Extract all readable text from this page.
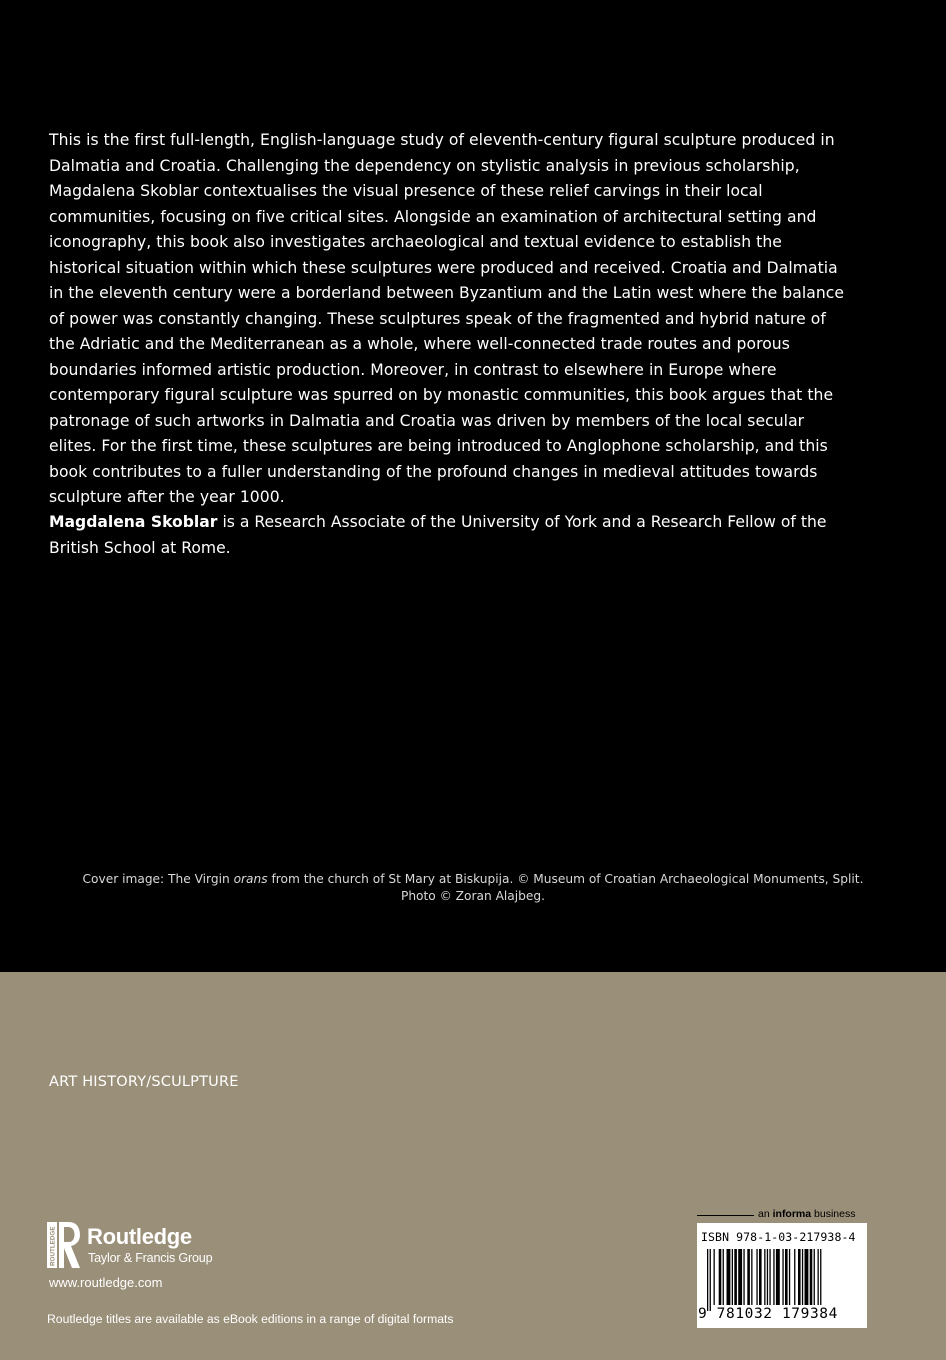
This is the first full-length, English-language study of eleventh-century figural sculpture produced in Dalmatia and Croatia. Challenging the dependency on stylistic analysis in previous scholarship, Magdalena Skoblar contextualises the visual presence of these relief carvings in their local communities, focusing on five critical sites. Alongside an examination of architectural setting and iconography, this book also investigates archaeological and textual evidence to establish the historical situation within which these sculptures were produced and received. Croatia and Dalmatia in the eleventh century were a borderland between Byzantium and the Latin west where the balance of power was constantly changing. These sculptures speak of the fragmented and hybrid nature of the Adriatic and the Mediterranean as a whole, where well-connected trade routes and porous boundaries informed artistic production. Moreover, in contrast to elsewhere in Europe where contemporary figural sculpture was spurred on by monastic communities, this book argues that the patronage of such artworks in Dalmatia and Croatia was driven by members of the local secular elites. For the first time, these sculptures are being introduced to Anglophone scholarship, and this book contributes to a fuller understanding of the profound changes in medieval attitudes towards sculpture after the year 1000.

Magdalena Skoblar is a Research Associate of the University of York and a Research Fellow of the British School at Rome.

Cover image: The Virgin orans from the church of St Mary at Biskupija. © Museum of Croatian Archaeological Monuments, Split.
Photo © Zoran Alajbeg.
ART HISTORY/SCULPTURE
ROUTLEDGE Routledge
Taylor & Francis Group
www.routledge.com
Routledge titles are available as eBook editions in a range of digital formats
an informa business
ISBN 978-1-03-217938-4
9 781032 179384
